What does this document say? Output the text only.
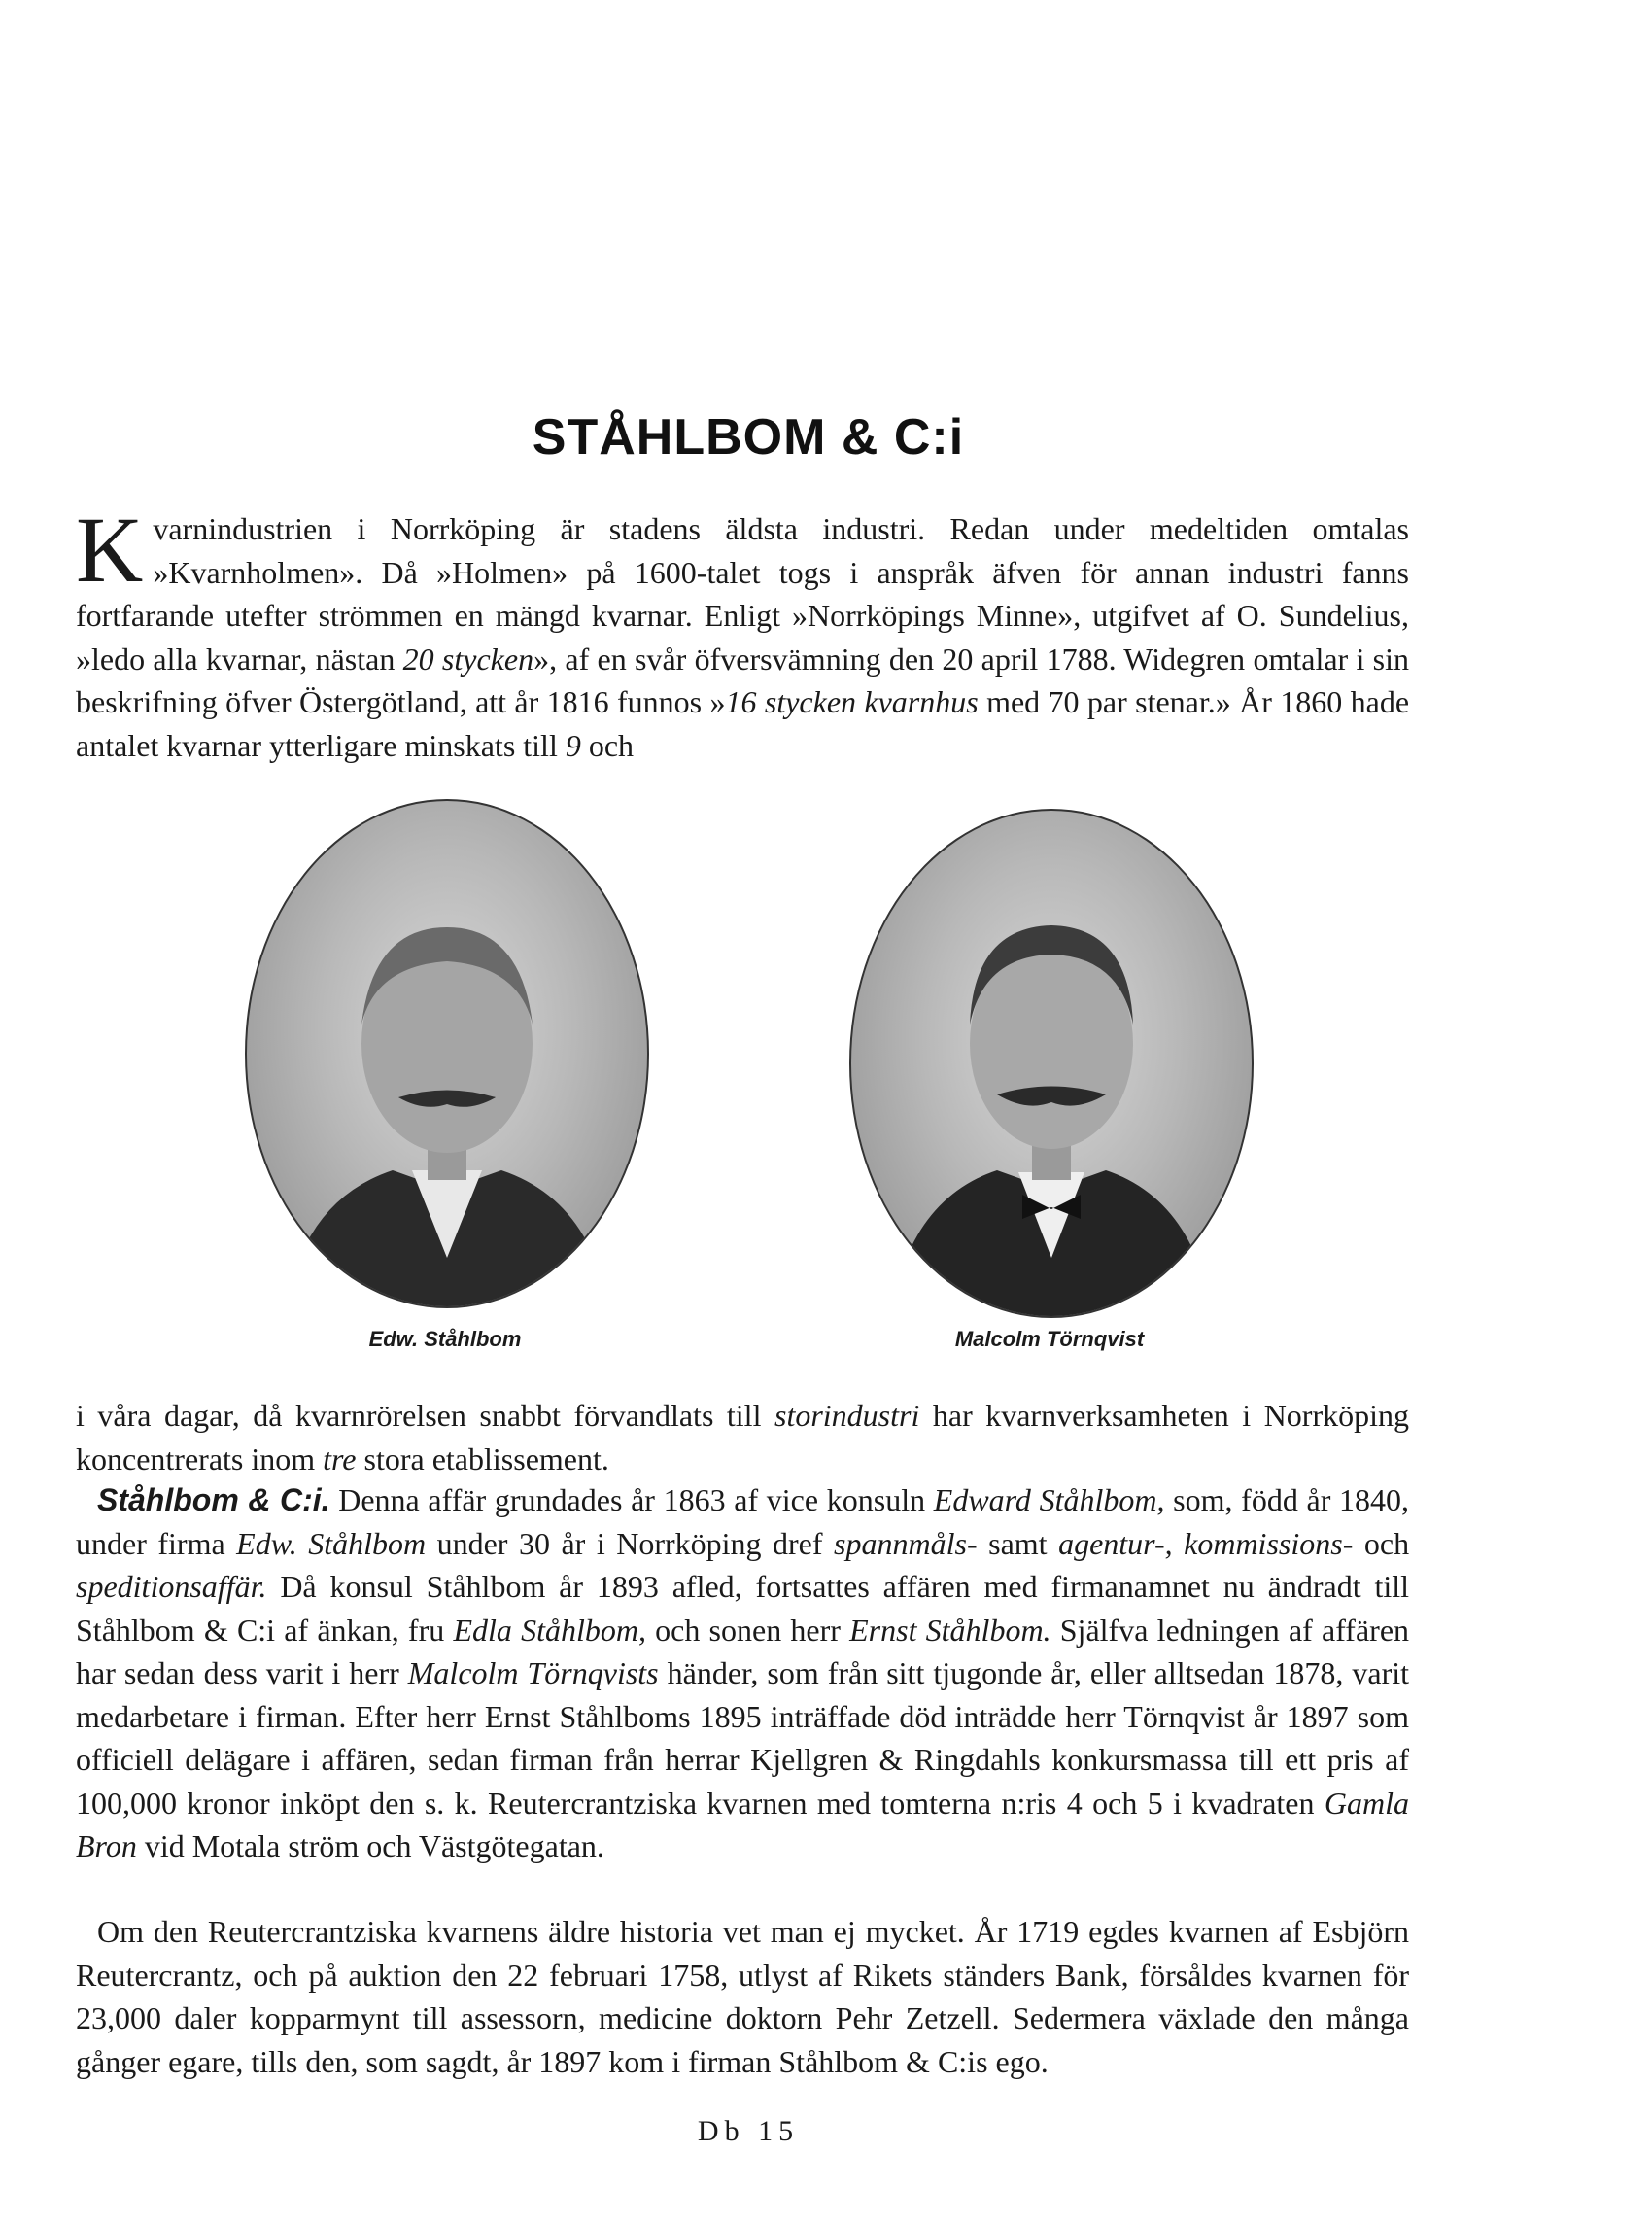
STÅHLBOM & C:i
Kvarnindustrien i Norrköping är stadens äldsta industri. Redan under medeltiden omtalas »Kvarnholmen». Då »Holmen» på 1600-talet togs i anspråk äfven för annan industri fanns fortfarande utefter strömmen en mängd kvarnar. Enligt »Norrköpings Minne», utgifvet af O. Sundelius, »ledo alla kvarnar, nästan 20 stycken», af en svår öfversvämning den 20 april 1788. Widegren omtalar i sin beskrifning öfver Östergötland, att år 1816 funnos »16 stycken kvarnhus med 70 par stenar.» År 1860 hade antalet kvarnar ytterligare minskats till 9 och
Edw. Ståhlbom	Malcolm Törnqvist
i våra dagar, då kvarnrörelsen snabbt förvandlats till storindustri har kvarnverksamheten i Norrköping koncentrerats inom tre stora etablissement.
Ståhlbom & C:i. Denna affär grundades år 1863 af vice konsuln Edward Ståhlbom, som, född år 1840, under firma Edw. Ståhlbom under 30 år i Norrköping dref spannmåls- samt agentur-, kommissions- och speditionsaffär. Då konsul Ståhlbom år 1893 afled, fortsattes affären med firmanamnet nu ändradt till Ståhlbom & C:i af änkan, fru Edla Ståhlbom, och sonen herr Ernst Ståhlbom. Själfva ledningen af affären har sedan dess varit i herr Malcolm Törnqvists händer, som från sitt tjugonde år, eller alltsedan 1878, varit medarbetare i firman. Efter herr Ernst Ståhlboms 1895 inträffade död inträdde herr Törnqvist år 1897 som officiell delägare i affären, sedan firman från herrar Kjellgren & Ringdahls konkursmassa till ett pris af 100,000 kronor inköpt den s. k. Reutercrantziska kvarnen med tomterna n:ris 4 och 5 i kvadraten Gamla Bron vid Motala ström och Västgötegatan.
Om den Reutercrantziska kvarnens äldre historia vet man ej mycket. År 1719 egdes kvarnen af Esbjörn Reutercrantz, och på auktion den 22 februari 1758, utlyst af Rikets ständers Bank, försåldes kvarnen för 23,000 daler kopparmynt till assessorn, medicine doktorn Pehr Zetzell. Sedermera växlade den många gånger egare, tills den, som sagdt, år 1897 kom i firman Ståhlbom & C:is ego.
Db 15
